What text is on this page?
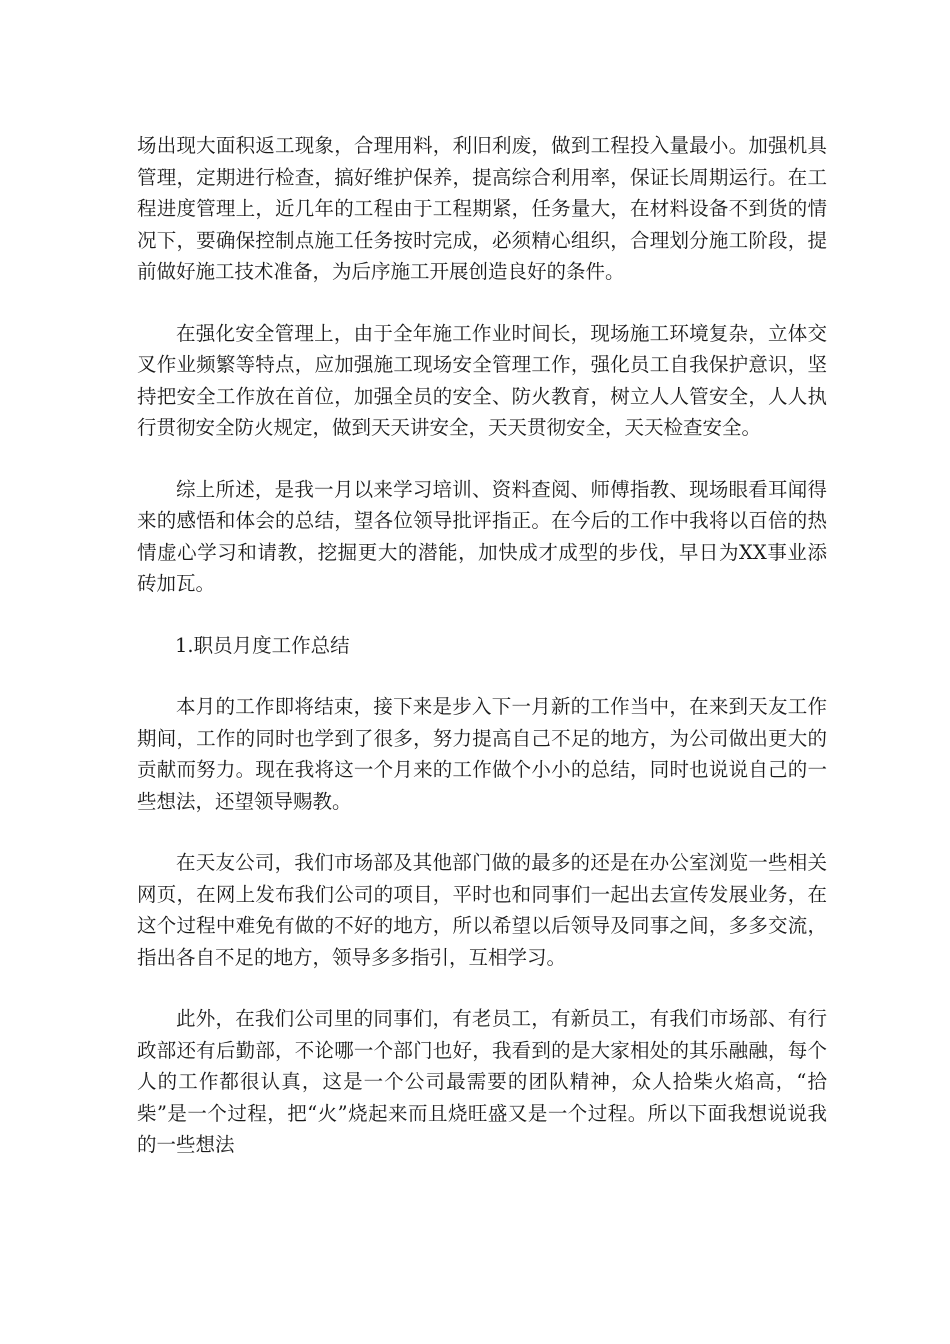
场出现大面积返工现象，合理用料，利旧利废，做到工程投入量最小。加强机具管理，定期进行检查，搞好维护保养，提高综合利用率，保证长周期运行。在工程进度管理上，近几年的工程由于工程期紧，任务量大，在材料设备不到货的情况下，要确保控制点施工任务按时完成，必须精心组织，合理划分施工阶段，提前做好施工技术准备，为后序施工开展创造良好的条件。

在强化安全管理上，由于全年施工作业时间长，现场施工环境复杂，立体交叉作业频繁等特点，应加强施工现场安全管理工作，强化员工自我保护意识，坚持把安全工作放在首位，加强全员的安全、防火教育，树立人人管安全，人人执行贯彻安全防火规定，做到天天讲安全，天天贯彻安全，天天检查安全。

综上所述，是我一月以来学习培训、资料查阅、师傅指教、现场眼看耳闻得来的感悟和体会的总结，望各位领导批评指正。在今后的工作中我将以百倍的热情虚心学习和请教，挖掘更大的潜能，加快成才成型的步伐，早日为XX事业添砖加瓦。

1.职员月度工作总结

本月的工作即将结束，接下来是步入下一月新的工作当中，在来到天友工作期间，工作的同时也学到了很多，努力提高自己不足的地方，为公司做出更大的贡献而努力。现在我将这一个月来的工作做个小小的总结，同时也说说自己的一些想法，还望领导赐教。

在天友公司，我们市场部及其他部门做的最多的还是在办公室浏览一些相关网页，在网上发布我们公司的项目，平时也和同事们一起出去宣传发展业务，在这个过程中难免有做的不好的地方，所以希望以后领导及同事之间，多多交流，指出各自不足的地方，领导多多指引，互相学习。

此外，在我们公司里的同事们，有老员工，有新员工，有我们市场部、有行政部还有后勤部，不论哪一个部门也好，我看到的是大家相处的其乐融融，每个人的工作都很认真，这是一个公司最需要的团队精神，众人拾柴火焰高，“拾柴”是一个过程，把“火”烧起来而且烧旺盛又是一个过程。所以下面我想说说我的一些想法
